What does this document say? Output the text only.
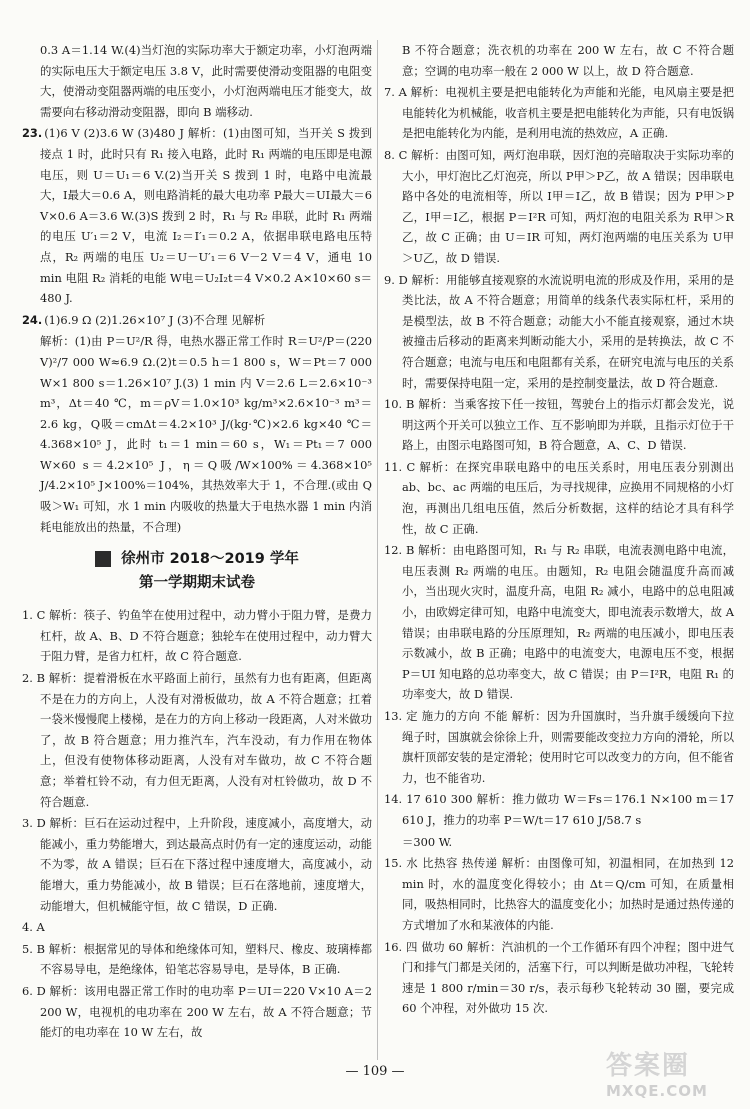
0.3 A＝1.14 W.(4)当灯泡的实际功率大于额定功率，小灯泡两端的实际电压大于额定电压 3.8 V，此时需要使滑动变阻器的电阻变大，使滑动变阻器两端的电压变小，小灯泡两端电压才能变大，故需要向右移动滑动变阻器，即向 B 端移动.

23. (1)6 V (2)3.6 W (3)480 J 解析：(1)由图可知，当开关 S 拨到接点 1 时，此时只有 R₁ 接入电路，此时 R₁ 两端的电压即是电源电压，则 U＝U₁＝6 V.(2)当开关 S 拨到 1 时，电路中电流最大，I最大＝0.6 A，则电路消耗的最大电功率 P最大＝UI最大＝6 V×0.6 A＝3.6 W.(3)S 拨到 2 时，R₁ 与 R₂ 串联，此时 R₁ 两端的电压 U′₁＝2 V，电流 I₂＝I′₁＝0.2 A，依据串联电路电压特点，R₂ 两端的电压 U₂＝U－U′₁＝6 V－2 V＝4 V，通电 10 min 电阻 R₂ 消耗的电能 W电＝U₂I₂t＝4 V×0.2 A×10×60 s＝480 J.

24. (1)6.9 Ω (2)1.26×10⁷ J (3)不合理 见解析

解析：(1)由 P＝U²/R 得，电热水器正常工作时 R＝U²/P＝(220 V)²/7 000 W≈6.9 Ω.(2)t＝0.5 h＝1 800 s，W＝Pt＝7 000 W×1 800 s＝1.26×10⁷ J.(3) 1 min 内 V＝2.6 L＝2.6×10⁻³ m³，Δt＝40 ℃，m＝ρV＝1.0×10³ kg/m³×2.6×10⁻³ m³＝2.6 kg，Q吸＝cmΔt＝4.2×10³ J/(kg·℃)×2.6 kg×40 ℃＝4.368×10⁵ J，此时 t₁＝1 min＝60 s，W₁＝Pt₁＝7 000 W×60 s＝4.2×10⁵ J，η＝Q吸/W×100%＝4.368×10⁵ J/4.2×10⁵ J×100%＝104%，其热效率大于 1，不合理.(或由 Q吸＞W₁ 可知，水 1 min 内吸收的热量大于电热水器 1 min 内消耗电能放出的热量，不合理)

徐州市 2018～2019 学年
第一学期期末试卷

1. C 解析：筷子、钓鱼竿在使用过程中，动力臂小于阻力臂，是费力杠杆，故 A、B、D 不符合题意；独轮车在使用过程中，动力臂大于阻力臂，是省力杠杆，故 C 符合题意.

2. B 解析：提着滑板在水平路面上前行，虽然有力也有距离，但距离不是在力的方向上，人没有对滑板做功，故 A 不符合题意；扛着一袋米慢慢爬上楼梯，是在力的方向上移动一段距离，人对米做功了，故 B 符合题意；用力推汽车，汽车没动，有力作用在物体上，但没有使物体移动距离，人没有对车做功，故 C 不符合题意；举着杠铃不动，有力但无距离，人没有对杠铃做功，故 D 不符合题意.

3. D 解析：巨石在运动过程中，上升阶段，速度减小，高度增大，动能减小，重力势能增大，到达最高点时仍有一定的速度运动，动能不为零，故 A 错误；巨石在下落过程中速度增大，高度减小，动能增大，重力势能减小，故 B 错误；巨石在落地前，速度增大，动能增大，但机械能守恒，故 C 错误，D 正确.

4. A

5. B 解析：根据常见的导体和绝缘体可知，塑料尺、橡皮、玻璃棒都不容易导电，是绝缘体，铅笔芯容易导电，是导体，B 正确.

6. D 解析：该用电器正常工作时的电功率 P＝UI＝220 V×10 A＝2 200 W，电视机的电功率在 200 W 左右，故 A 不符合题意；节能灯的电功率在 10 W 左右，故

B 不符合题意；洗衣机的功率在 200 W 左右，故 C 不符合题意；空调的电功率一般在 2 000 W 以上，故 D 符合题意.

7. A 解析：电视机主要是把电能转化为声能和光能，电风扇主要是把电能转化为机械能，收音机主要是把电能转化为声能，只有电饭锅是把电能转化为内能，是利用电流的热效应，A 正确.

8. C 解析：由图可知，两灯泡串联，因灯泡的亮暗取决于实际功率的大小，甲灯泡比乙灯泡亮，所以 P甲＞P乙，故 A 错误；因串联电路中各处的电流相等，所以 I甲＝I乙，故 B 错误；因为 P甲＞P乙，I甲＝I乙，根据 P＝I²R 可知，两灯泡的电阻关系为 R甲＞R乙，故 C 正确；由 U＝IR 可知，两灯泡两端的电压关系为 U甲＞U乙，故 D 错误.

9. D 解析：用能够直接观察的水流说明电流的形成及作用，采用的是类比法，故 A 不符合题意；用简单的线条代表实际杠杆，采用的是模型法，故 B 不符合题意；动能大小不能直接观察，通过木块被撞击后移动的距离来判断动能大小，采用的是转换法，故 C 不符合题意；电流与电压和电阻都有关系，在研究电流与电压的关系时，需要保持电阻一定，采用的是控制变量法，故 D 符合题意.

10. B 解析：当乘客按下任一按钮，驾驶台上的指示灯都会发光，说明这两个开关可以独立工作、互不影响即为并联，且指示灯位于干路上，由图示电路图可知，B 符合题意，A、C、D 错误.

11. C 解析：在探究串联电路中的电压关系时，用电压表分别测出 ab、bc、ac 两端的电压后，为寻找规律，应换用不同规格的小灯泡，再测出几组电压值，然后分析数据，这样的结论才具有科学性，故 C 正确.

12. B 解析：由电路图可知，R₁ 与 R₂ 串联，电流表测电路中电流，电压表测 R₂ 两端的电压。由题知，R₂ 电阻会随温度升高而减小，当出现火灾时，温度升高，电阻 R₂ 减小，电路中的总电阻减小，由欧姆定律可知，电路中电流变大，即电流表示数增大，故 A 错误；由串联电路的分压原理知，R₂ 两端的电压减小，即电压表示数减小，故 B 正确；电路中的电流变大，电源电压不变，根据 P＝UI 知电路的总功率变大，故 C 错误；由 P＝I²R，电阻 R₁ 的功率变大，故 D 错误.

13. 定 施力的方向 不能 解析：因为升国旗时，当升旗手缓缓向下拉绳子时，国旗就会徐徐上升，则需要能改变拉力方向的滑轮，所以旗杆顶部安装的是定滑轮；使用时它可以改变力的方向，但不能省力，也不能省功.

14. 17 610 300 解析：推力做功 W＝Fs＝176.1 N×100 m＝17 610 J，推力的功率 P＝W/t＝17 610 J/58.7 s

＝300 W.

15. 水 比热容 热传递 解析：由图像可知，初温相同，在加热到 12 min 时，水的温度变化得较小；由 Δt＝Q/cm 可知，在质量相同，吸热相同时，比热容大的温度变化小；加热时是通过热传递的方式增加了水和某液体的内能.

16. 四 做功 60 解析：汽油机的一个工作循环有四个冲程；图中进气门和排气门都是关闭的，活塞下行，可以判断是做功冲程，飞轮转速是 1 800 r/min＝30 r/s，表示每秒飞轮转动 30 圈，要完成 60 个冲程，对外做功 15 次.

— 109 —	答案圈
MXQE.COM
